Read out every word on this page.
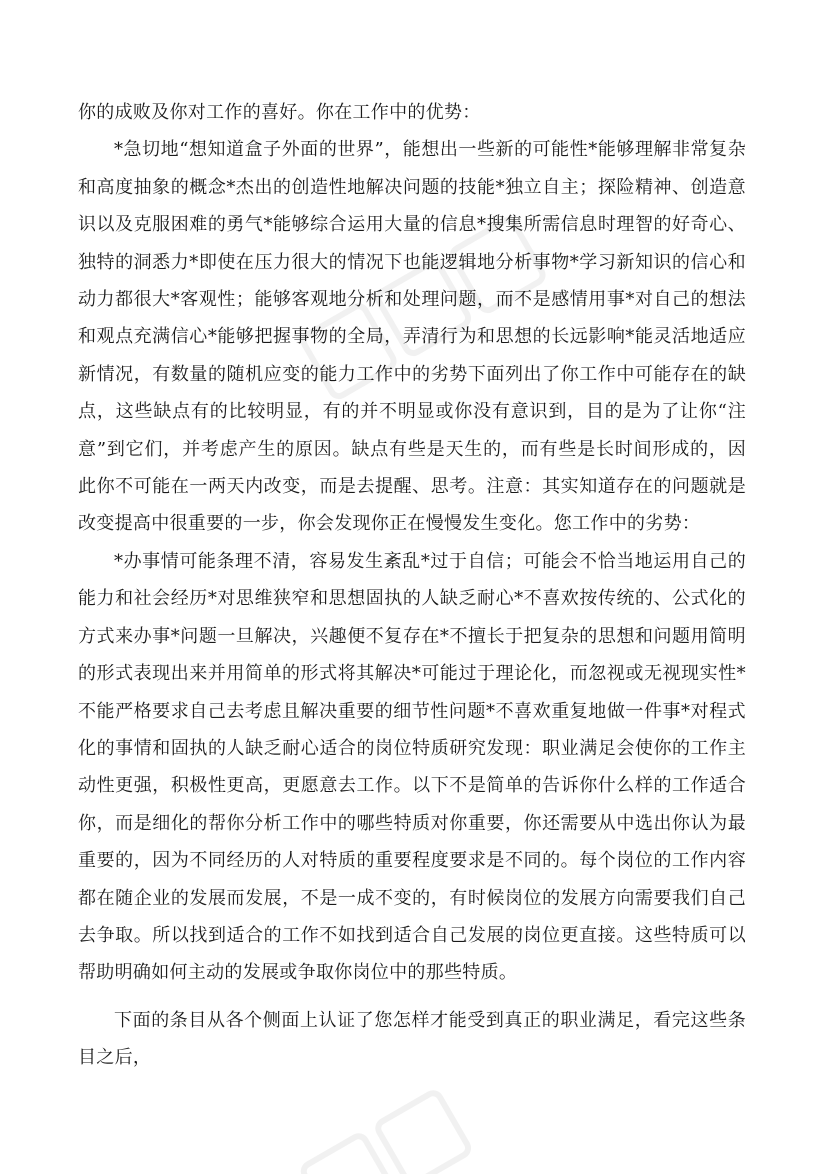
你的成败及你对工作的喜好。你在工作中的优势：

*急切地“想知道盒子外面的世界”，能想出一些新的可能性*能够理解非常复杂和高度抽象的概念*杰出的创造性地解决问题的技能*独立自主；探险精神、创造意识以及克服困难的勇气*能够综合运用大量的信息*搜集所需信息时理智的好奇心、独特的洞悉力*即使在压力很大的情况下也能逻辑地分析事物*学习新知识的信心和动力都很大*客观性；能够客观地分析和处理问题，而不是感情用事*对自己的想法和观点充满信心*能够把握事物的全局，弄清行为和思想的长远影响*能灵活地适应新情况，有数量的随机应变的能力工作中的劣势下面列出了你工作中可能存在的缺点，这些缺点有的比较明显，有的并不明显或你没有意识到，目的是为了让你“注意”到它们，并考虑产生的原因。缺点有些是天生的，而有些是长时间形成的，因此你不可能在一两天内改变，而是去提醒、思考。注意：其实知道存在的问题就是改变提高中很重要的一步，你会发现你正在慢慢发生变化。您工作中的劣势：

*办事情可能条理不清，容易发生紊乱*过于自信；可能会不恰当地运用自己的能力和社会经历*对思维狭窄和思想固执的人缺乏耐心*不喜欢按传统的、公式化的方式来办事*问题一旦解决，兴趣便不复存在*不擅长于把复杂的思想和问题用简明的形式表现出来并用简单的形式将其解决*可能过于理论化，而忽视或无视现实性*不能严格要求自己去考虑且解决重要的细节性问题*不喜欢重复地做一件事*对程式化的事情和固执的人缺乏耐心适合的岗位特质研究发现：职业满足会使你的工作主动性更强，积极性更高，更愿意去工作。以下不是简单的告诉你什么样的工作适合你，而是细化的帮你分析工作中的哪些特质对你重要，你还需要从中选出你认为最重要的，因为不同经历的人对特质的重要程度要求是不同的。每个岗位的工作内容都在随企业的发展而发展，不是一成不变的，有时候岗位的发展方向需要我们自己去争取。所以找到适合的工作不如找到适合自己发展的岗位更直接。这些特质可以帮助明确如何主动的发展或争取你岗位中的那些特质。

下面的条目从各个侧面上认证了您怎样才能受到真正的职业满足，看完这些条目之后，
